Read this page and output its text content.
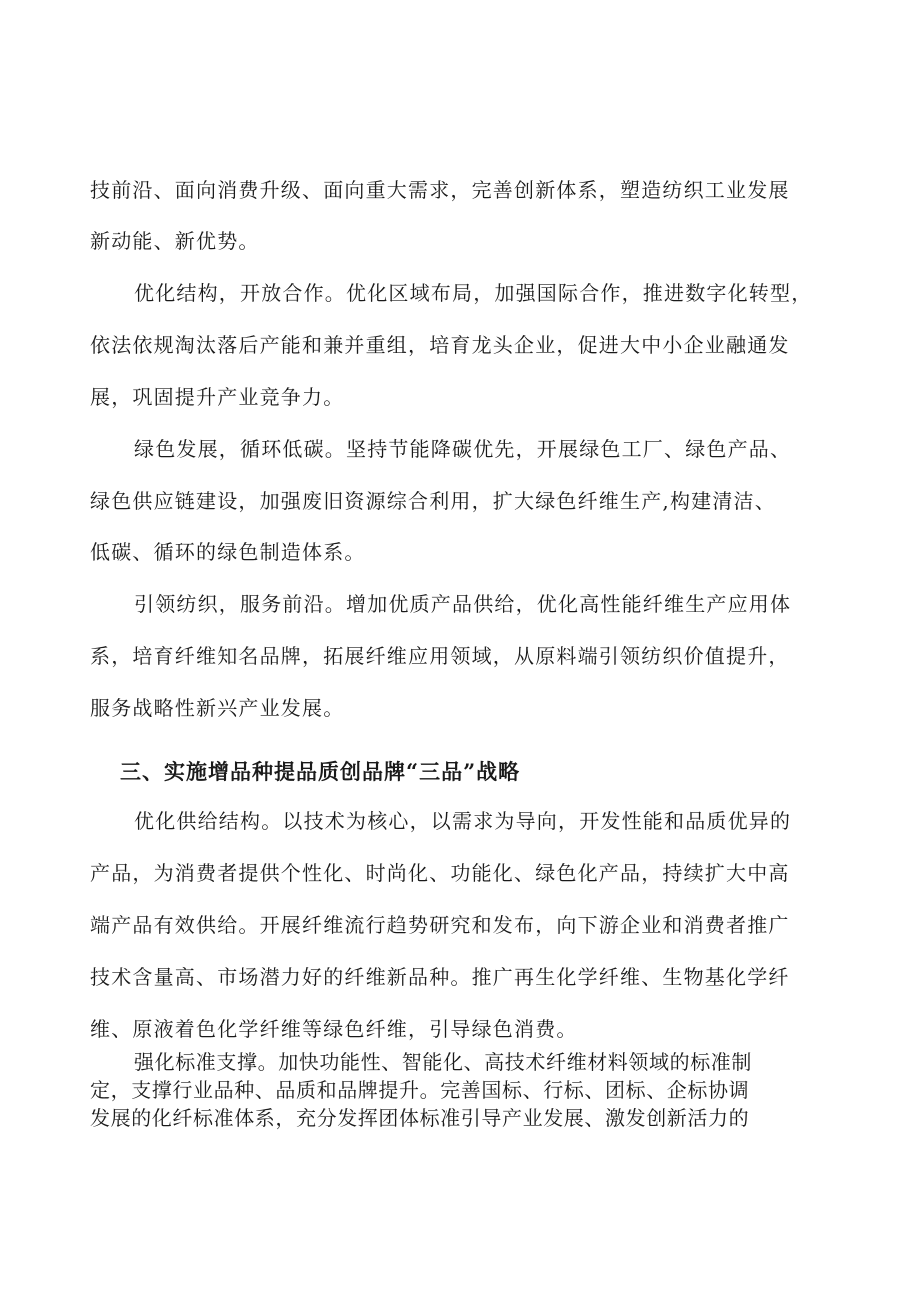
技前沿、面向消费升级、面向重大需求，完善创新体系，塑造纺织工业发展
新动能、新优势。
优化结构，开放合作。优化区域布局，加强国际合作，推进数字化转型，
依法依规淘汰落后产能和兼并重组，培育龙头企业，促进大中小企业融通发
展，巩固提升产业竞争力。
绿色发展，循环低碳。坚持节能降碳优先，开展绿色工厂、绿色产品、
绿色供应链建设，加强废旧资源综合利用，扩大绿色纤维生产,构建清洁、
低碳、循环的绿色制造体系。
引领纺织，服务前沿。增加优质产品供给，优化高性能纤维生产应用体
系，培育纤维知名品牌，拓展纤维应用领域，从原料端引领纺织价值提升，
服务战略性新兴产业发展。
三、实施增品种提品质创品牌“三品”战略
优化供给结构。以技术为核心，以需求为导向，开发性能和品质优异的
产品，为消费者提供个性化、时尚化、功能化、绿色化产品，持续扩大中高
端产品有效供给。开展纤维流行趋势研究和发布，向下游企业和消费者推广
技术含量高、市场潜力好的纤维新品种。推广再生化学纤维、生物基化学纤
维、原液着色化学纤维等绿色纤维，引导绿色消费。
强化标准支撑。加快功能性、智能化、高技术纤维材料领域的标准制
定，支撑行业品种、品质和品牌提升。完善国标、行标、团标、企标协调
发展的化纤标准体系，充分发挥团体标准引导产业发展、激发创新活力的
